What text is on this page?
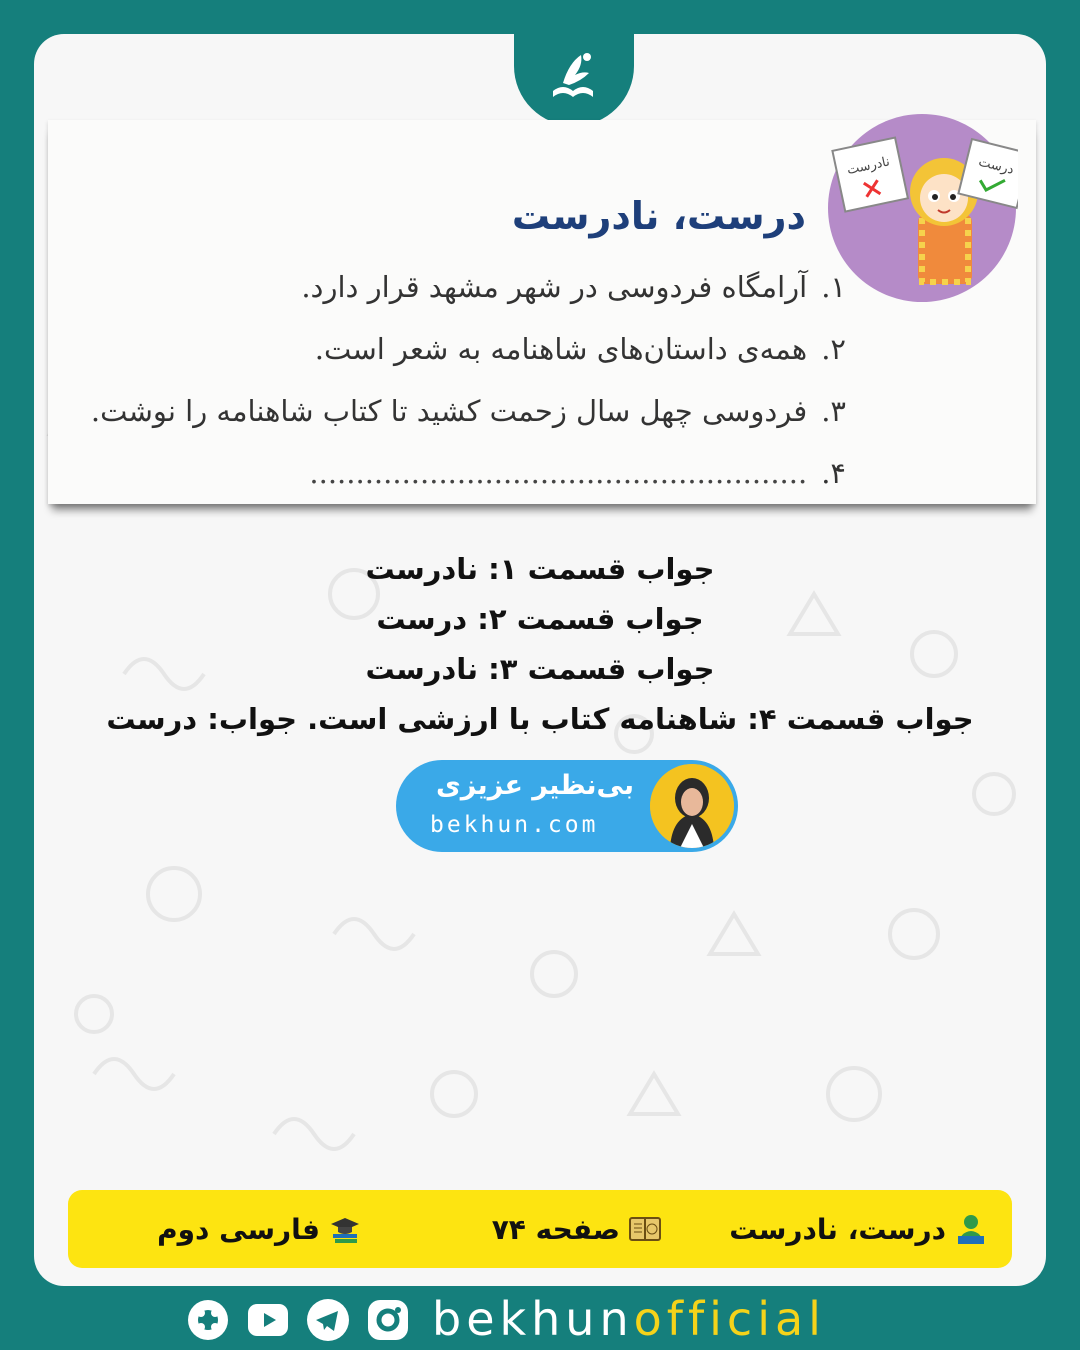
نادرست	درست
درست، نادرست
۱.آرامگاه فردوسی در شهر مشهد قرار دارد.
۲.همه‌ی داستان‌های شاهنامه به شعر است.
۳.فردوسی چهل سال زحمت کشید تا کتاب شاهنامه را نوشت.
۴.......................................................

جواب قسمت ۱: نادرست

جواب قسمت ۲: درست

جواب قسمت ۳: نادرست

جواب قسمت ۴: شاهنامه کتاب با ارزشی است. جواب: درست

بی‌نظیر عزیزی
bekhun.com
درست، نادرست
صفحه ۷۴
فارسی دوم
bekhunofficial
